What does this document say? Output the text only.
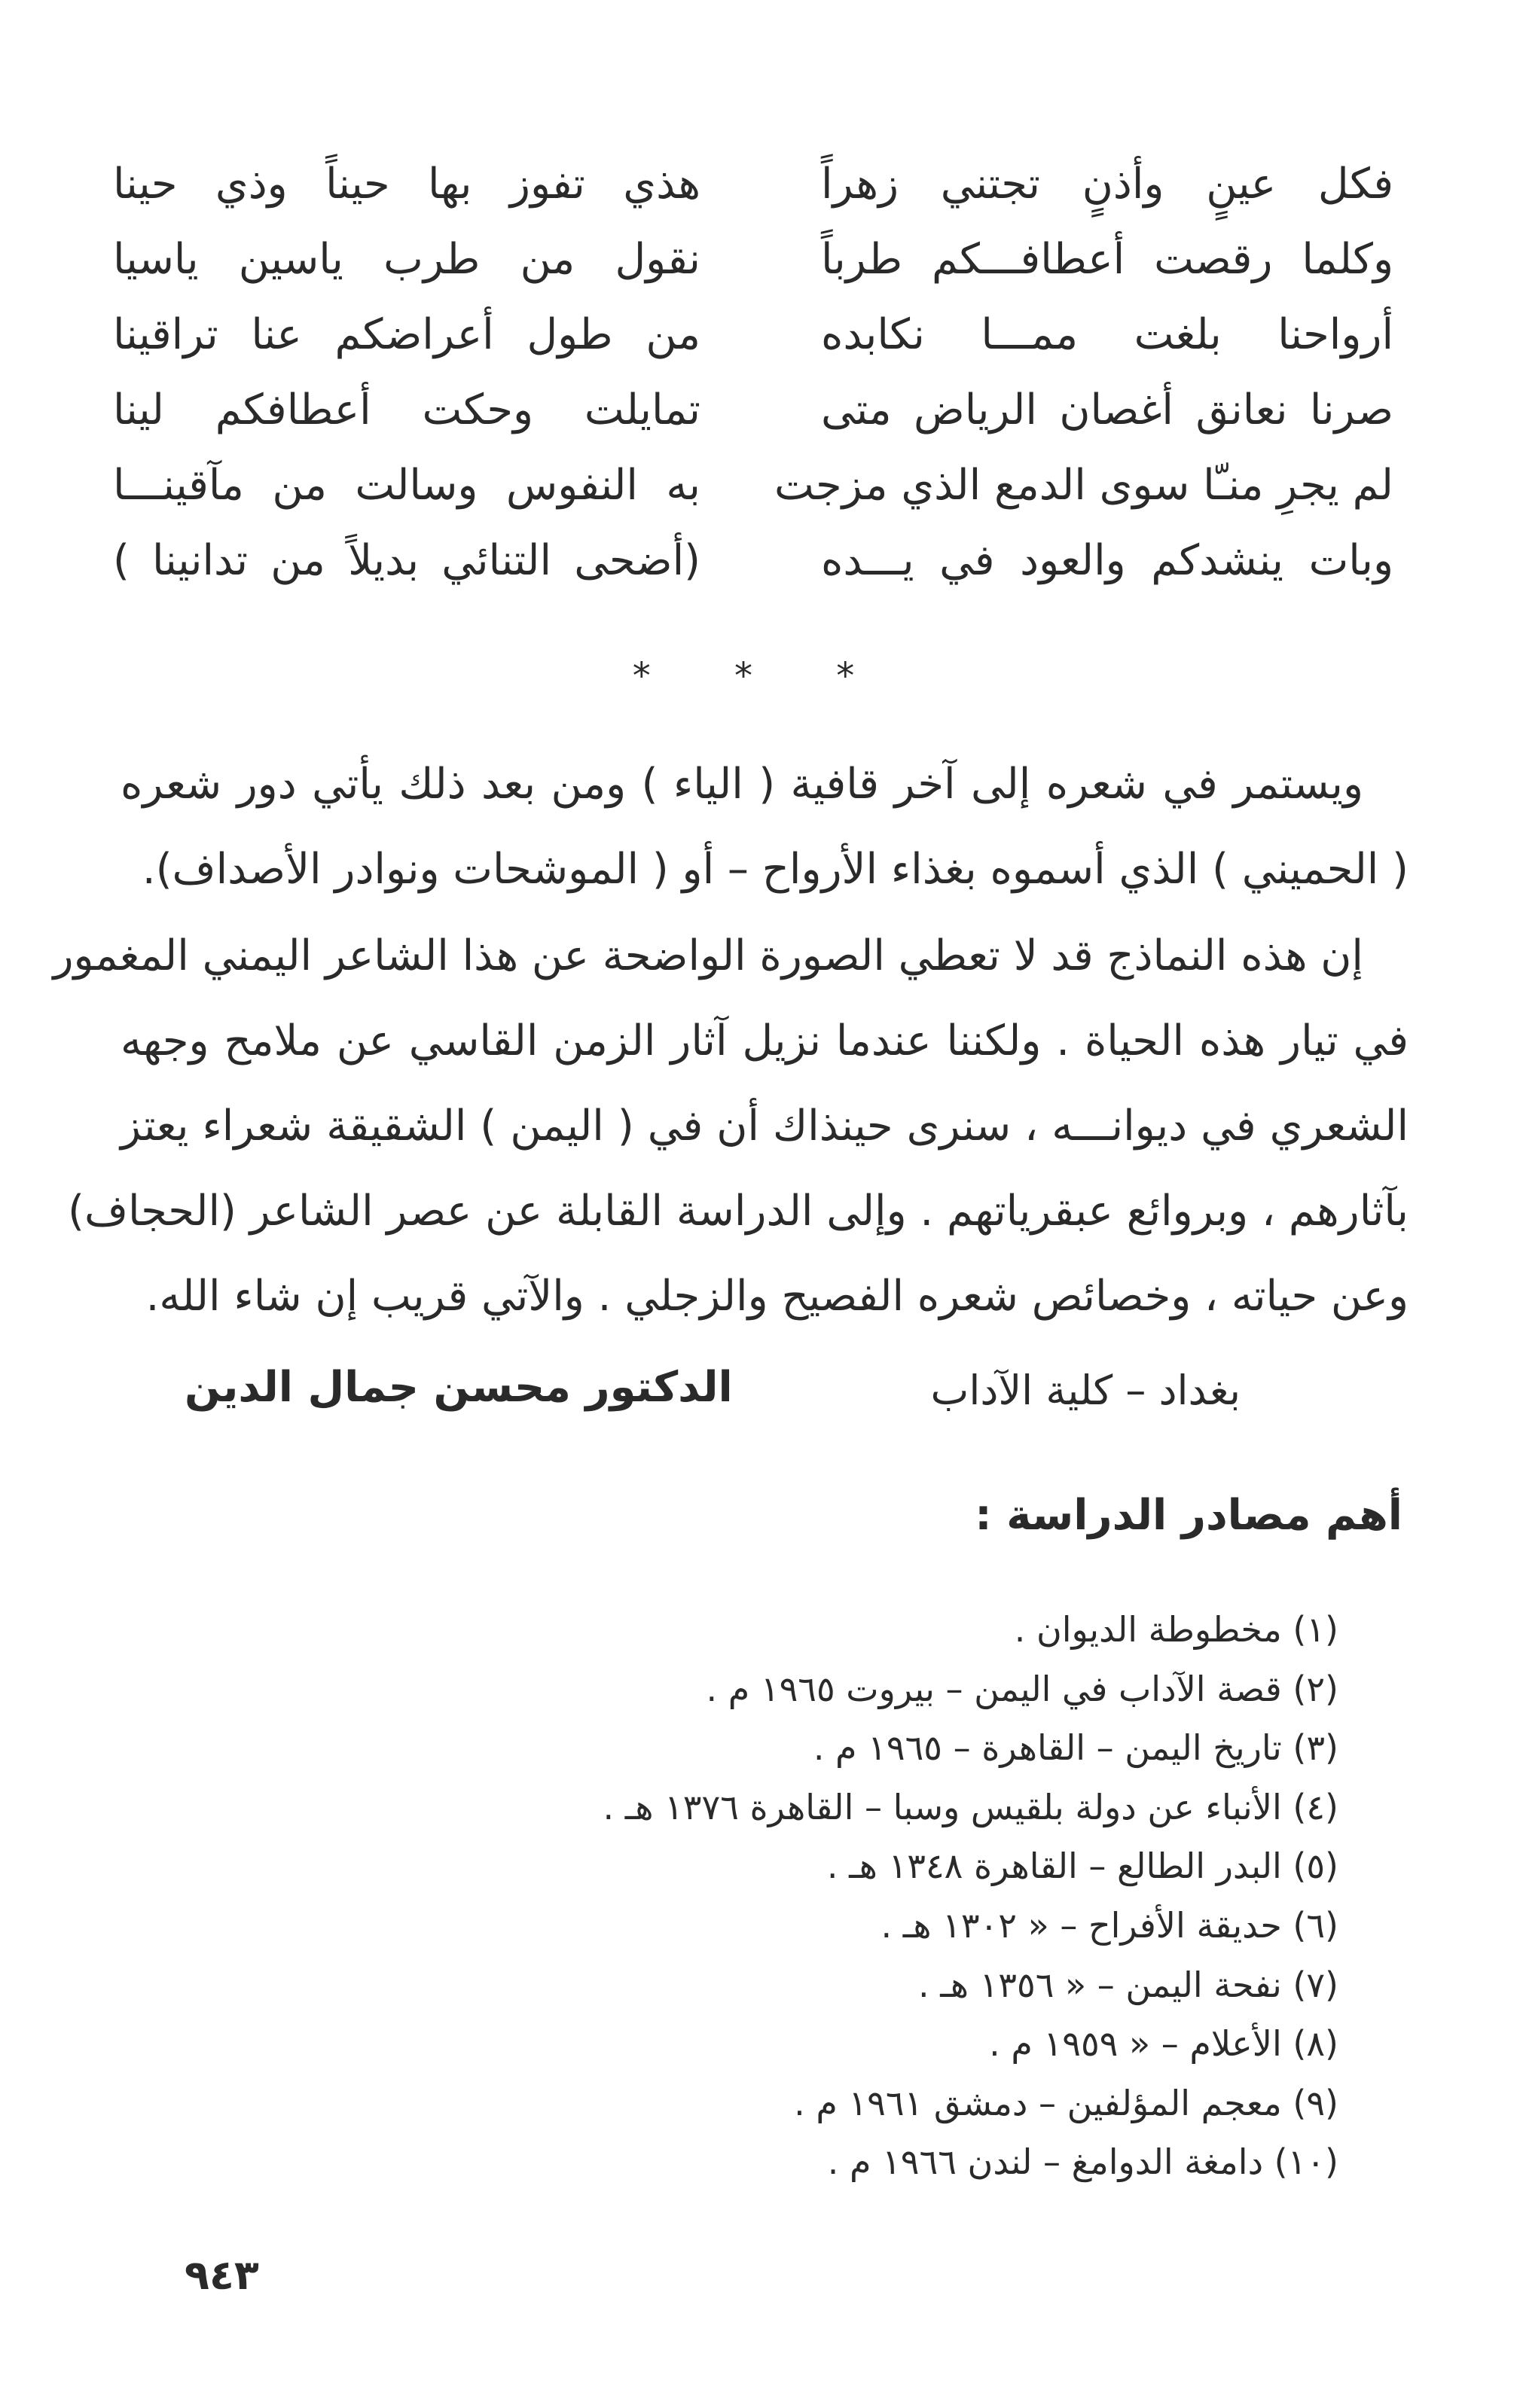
فكل عينٍ وأذنٍ تجتني زهراً
هذي تفوز بها حيناً وذي حينا
وكلما رقصت أعطافـــكم طرباً
نقول من طرب ياسين ياسيا
أرواحنا بلغت ممـــا نكابده
من طول أعراضكم عنا تراقينا
صرنا نعانق أغصان الرياض متى
تمايلت وحكت أعطافكم لينا
لم يجرِ منـّا سوى الدمع الذي مزجت
به النفوس وسالت من مآقينـــا
وبات ينشدكم والعود في يـــده
(أضحى التنائي بديلاً من تدانينا )
* * *
ويستمر في شعره إلى آخر قافية ( الياء ) ومن بعد ذلك يأتي دور شعره
( الحميني ) الذي أسموه بغذاء الأرواح – أو ( الموشحات ونوادر الأصداف).
إن هذه النماذج قد لا تعطي الصورة الواضحة عن هذا الشاعر اليمني المغمور
في تيار هذه الحياة . ولكننا عندما نزيل آثار الزمن القاسي عن ملامح وجهه
الشعري في ديوانـــه ، سنرى حينذاك أن في ( اليمن ) الشقيقة شعراء يعتز
بآثارهم ، وبروائع عبقرياتهم . وإلى الدراسة القابلة عن عصر الشاعر (الحجاف)
وعن حياته ، وخصائص شعره الفصيح والزجلي . والآتي قريب إن شاء الله.
بغداد – كلية الآداب
الدكتور محسن جمال الدين
أهم مصادر الدراسة :
(١) مخطوطة الديوان .
(٢) قصة الآداب في اليمن – بيروت ١٩٦٥ م .
(٣) تاريخ اليمن – القاهرة – ١٩٦٥ م .
(٤) الأنباء عن دولة بلقيس وسبا – القاهرة ١٣٧٦ هـ .
(٥) البدر الطالع – القاهرة ١٣٤٨ هـ .
(٦) حديقة الأفراح – « ١٣٠٢ هـ .
(٧) نفحة اليمن – « ١٣٥٦ هـ .
(٨) الأعلام – « ١٩٥٩ م .
(٩) معجم المؤلفين – دمشق ١٩٦١ م .
(١٠) دامغة الدوامغ – لندن ١٩٦٦ م .
٩٤٣
